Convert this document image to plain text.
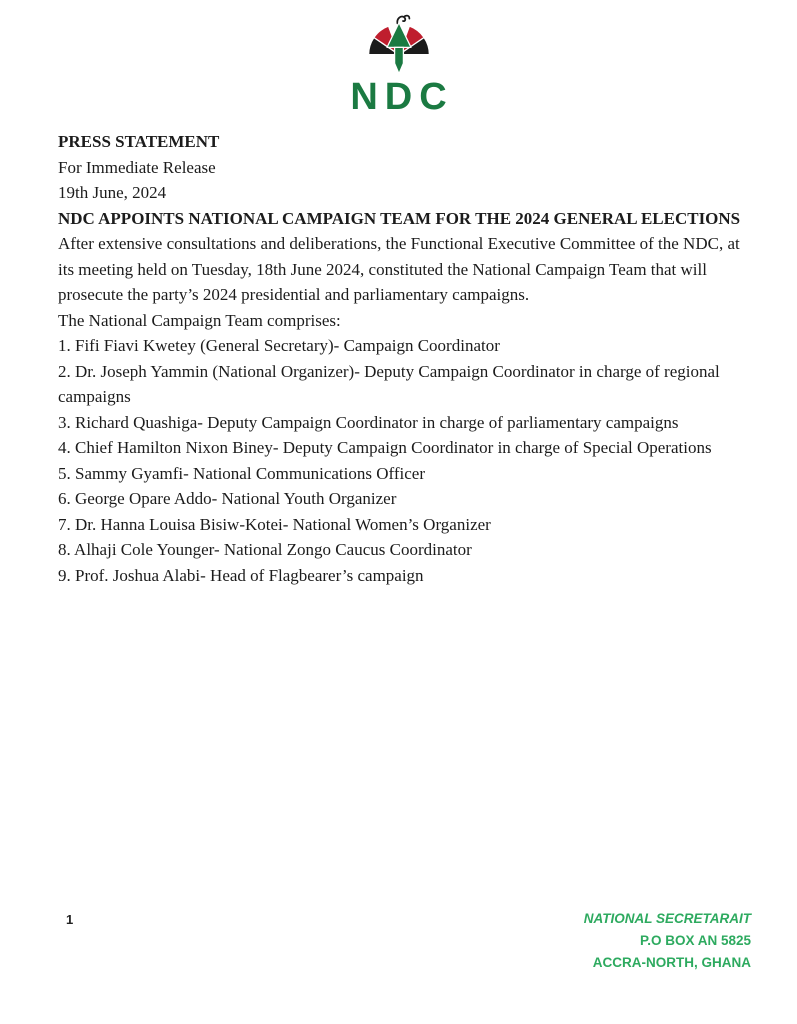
NDC

PRESS STATEMENT

For Immediate Release

19th June, 2024

NDC APPOINTS NATIONAL CAMPAIGN TEAM FOR THE 2024 GENERAL ELECTIONS

After extensive consultations and deliberations, the Functional Executive Committee of the NDC, at its meeting held on Tuesday, 18th June 2024, constituted the National Campaign Team that will prosecute the party’s 2024 presidential and parliamentary campaigns.

The National Campaign Team comprises:

1. Fifi Fiavi Kwetey (General Secretary)- Campaign Coordinator

2. Dr. Joseph Yammin (National Organizer)- Deputy Campaign Coordinator in charge of regional campaigns

3. Richard Quashiga- Deputy Campaign Coordinator in charge of parliamentary campaigns

4. Chief Hamilton Nixon Biney- Deputy Campaign Coordinator in charge of Special Operations

5. Sammy Gyamfi- National Communications Officer

6. George Opare Addo- National Youth Organizer

7. Dr. Hanna Louisa Bisiw-Kotei- National Women’s Organizer

8. Alhaji Cole Younger- National Zongo Caucus Coordinator

9. Prof. Joshua Alabi- Head of Flagbearer’s campaign

1	NATIONAL SECRETARAIT
P.O BOX AN 5825
ACCRA-NORTH, GHANA
